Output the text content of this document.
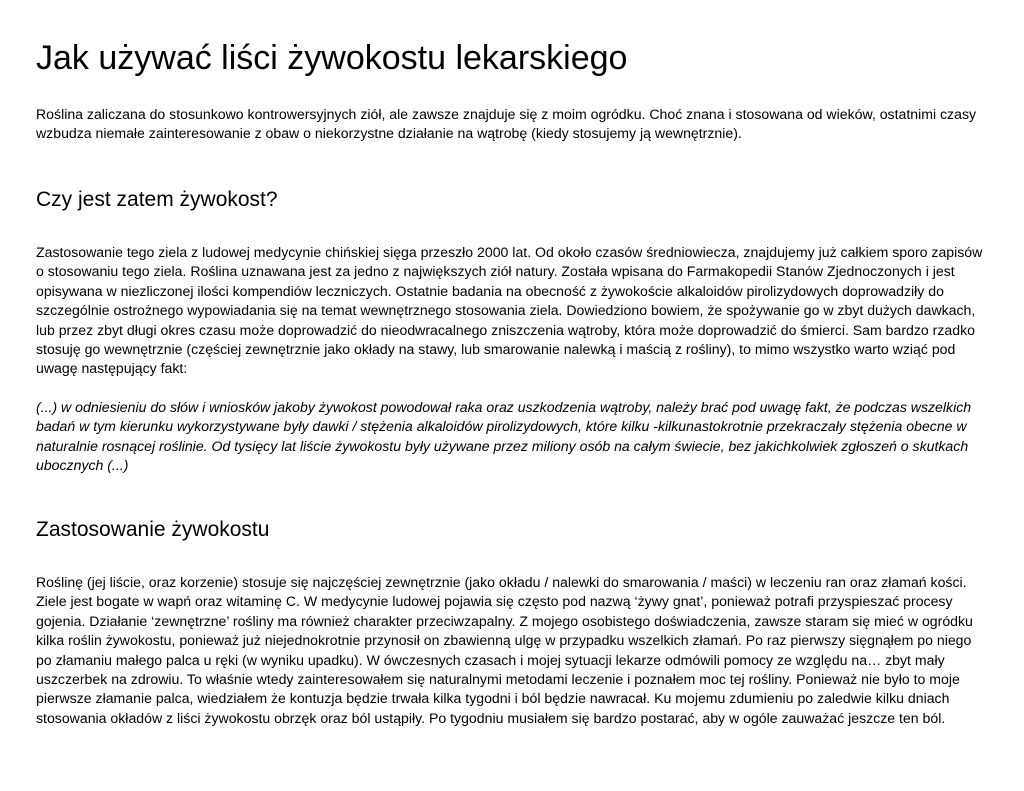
Jak używać liści żywokostu lekarskiego

Roślina zaliczana do stosunkowo kontrowersyjnych ziół, ale zawsze znajduje się z moim ogródku. Choć znana i stosowana od wieków, ostatnimi czasy wzbudza niemałe zainteresowanie z obaw o niekorzystne działanie na wątrobę (kiedy stosujemy ją wewnętrznie).

Czy jest zatem żywokost?

Zastosowanie tego ziela z ludowej medycynie chińskiej sięga przeszło 2000 lat. Od około czasów średniowiecza, znajdujemy już całkiem sporo zapisów o stosowaniu tego ziela. Roślina uznawana jest za jedno z największych ziół natury. Została wpisana do Farmakopedii Stanów Zjednoczonych i jest opisywana w niezliczonej ilości kompendiów leczniczych. Ostatnie badania na obecność z żywokoście alkaloidów pirolizydowych doprowadziły do szczególnie ostrożnego wypowiadania się na temat wewnętrznego stosowania ziela. Dowiedziono bowiem, że spożywanie go w zbyt dużych dawkach, lub przez zbyt długi okres czasu może doprowadzić do nieodwracalnego zniszczenia wątroby, która może doprowadzić do śmierci. Sam bardzo rzadko stosuję go wewnętrznie (częściej zewnętrznie jako okłady na stawy, lub smarowanie nalewką i maścią z rośliny), to mimo wszystko warto wziąć pod uwagę następujący fakt:

(...) w odniesieniu do słów i wniosków jakoby żywokost powodował raka oraz uszkodzenia wątroby, należy brać pod uwagę fakt, że podczas wszelkich badań w tym kierunku wykorzystywane były dawki / stężenia alkaloidów pirolizydowych, które kilku -kilkunastokrotnie przekraczały stężenia obecne w naturalnie rosnącej roślinie. Od tysięcy lat liście żywokostu były używane przez miliony osób na całym świecie, bez jakichkolwiek zgłoszeń o skutkach ubocznych (...)

Zastosowanie żywokostu

Roślinę (jej liście, oraz korzenie) stosuje się najczęściej zewnętrznie (jako okładu / nalewki do smarowania / maści) w leczeniu ran oraz złamań kości. Ziele jest bogate w wapń oraz witaminę C. W medycynie ludowej pojawia się często pod nazwą ‘żywy gnat’, ponieważ potrafi przyspieszać procesy gojenia. Działanie ‘zewnętrzne’ rośliny ma również charakter przeciwzapalny. Z mojego osobistego doświadczenia, zawsze staram się mieć w ogródku kilka roślin żywokostu, ponieważ już niejednokrotnie przynosił on zbawienną ulgę w przypadku wszelkich złamań. Po raz pierwszy sięgnąłem po niego po złamaniu małego palca u ręki (w wyniku upadku). W ówczesnych czasach i mojej sytuacji lekarze odmówili pomocy ze względu na… zbyt mały uszczerbek na zdrowiu. To właśnie wtedy zainteresowałem się naturalnymi metodami leczenie i poznałem moc tej rośliny. Ponieważ nie było to moje pierwsze złamanie palca, wiedziałem że kontuzja będzie trwała kilka tygodni i ból będzie nawracał. Ku mojemu zdumieniu po zaledwie kilku dniach stosowania okładów z liści żywokostu obrzęk oraz ból ustąpiły. Po tygodniu musiałem się bardzo postarać, aby w ogóle zauważać jeszcze ten ból.
